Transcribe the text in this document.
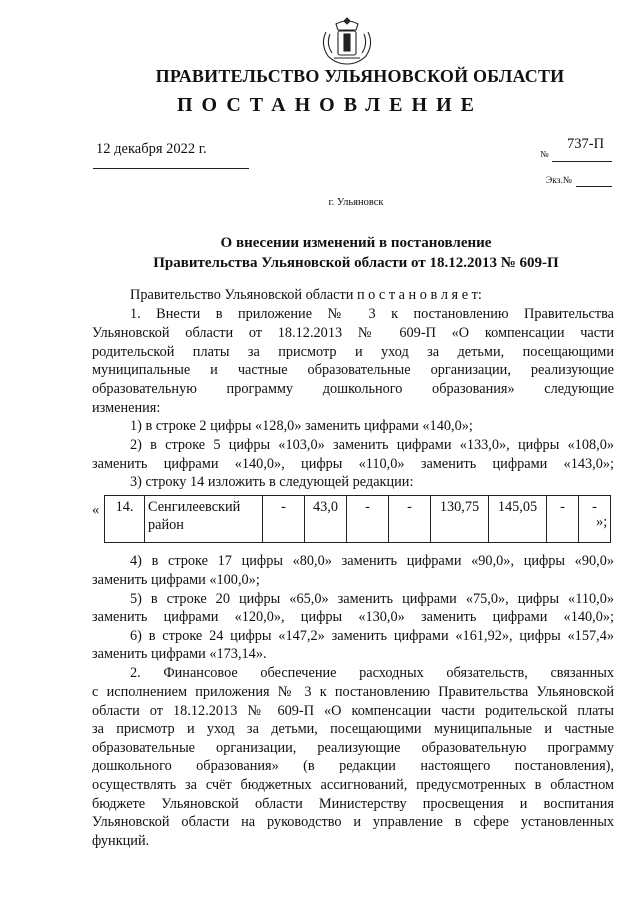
ПРАВИТЕЛЬСТВО УЛЬЯНОВСКОЙ ОБЛАСТИ
ПОСТАНОВЛЕНИЕ
12 декабря 2022 г.	737-П
№
Экз.№
г. Ульяновск
О внесении изменений в постановление
Правительства Ульяновской области от 18.12.2013 № 609-П
Правительство Ульяновской области п о с т а н о в л я е т:
1. Внести в приложение № 3 к постановлению Правительства
Ульяновской области от 18.12.2013 № 609-П «О компенсации части
родительской платы за присмотр и уход за детьми, посещающими
муниципальные и частные образовательные организации, реализующие
образовательную программу дошкольного образования» следующие
изменения:
1) в строке 2 цифры «128,0» заменить цифрами «140,0»;
2) в строке 5 цифры «103,0» заменить цифрами «133,0», цифры «108,0»
заменить цифрами «140,0», цифры «110,0» заменить цифрами «143,0»;
3) строку 14 изложить в следующей редакции:
« 14.	Сенгилеевский район	-	43,0	-	-	130,75	145,05	-	-
»;
4) в строке 17 цифры «80,0» заменить цифрами «90,0», цифры «90,0»
заменить цифрами «100,0»;
5) в строке 20 цифры «65,0» заменить цифрами «75,0», цифры «110,0»
заменить цифрами «120,0», цифры «130,0» заменить цифрами «140,0»;
6) в строке 24 цифры «147,2» заменить цифрами «161,92», цифры «157,4»
заменить цифрами «173,14».
2. Финансовое обеспечение расходных обязательств, связанных
с исполнением приложения № 3 к постановлению Правительства Ульяновской
области от 18.12.2013 № 609-П «О компенсации части родительской платы
за присмотр и уход за детьми, посещающими муниципальные и частные
образовательные организации, реализующие образовательную программу
дошкольного образования» (в редакции настоящего постановления),
осуществлять за счёт бюджетных ассигнований, предусмотренных в областном
бюджете Ульяновской области Министерству просвещения и воспитания
Ульяновской области на руководство и управление в сфере установленных
функций.
